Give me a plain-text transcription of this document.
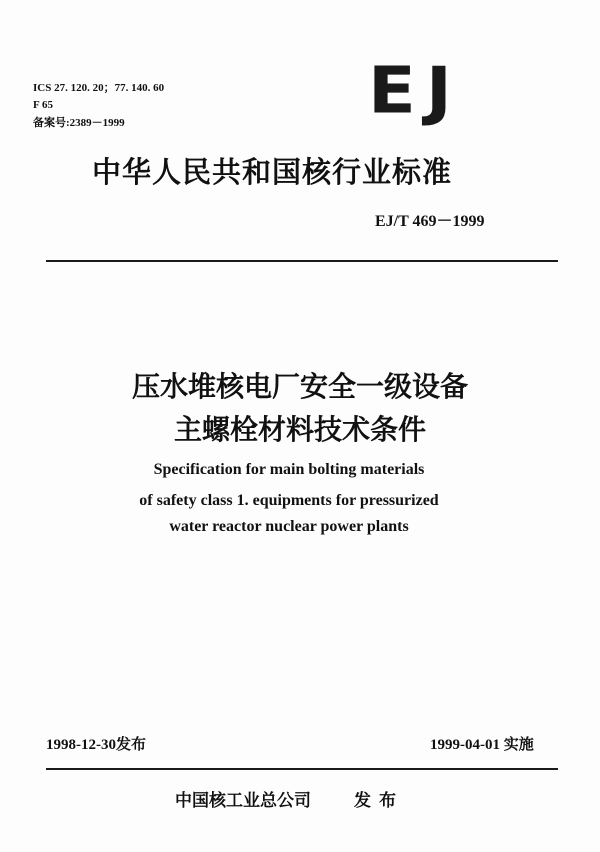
ICS 27. 120. 20；77. 140. 60
F 65
备案号:2389－1999	EJ
中华人民共和国核行业标准
EJ/T 469－1999
压水堆核电厂安全一级设备
主螺栓材料技术条件
Specification for main bolting materials
of safety class 1. equipments for pressurized
water reactor nuclear power plants
1998-12-30发布	1999-04-01 实施
中国核工业总公司	发布
